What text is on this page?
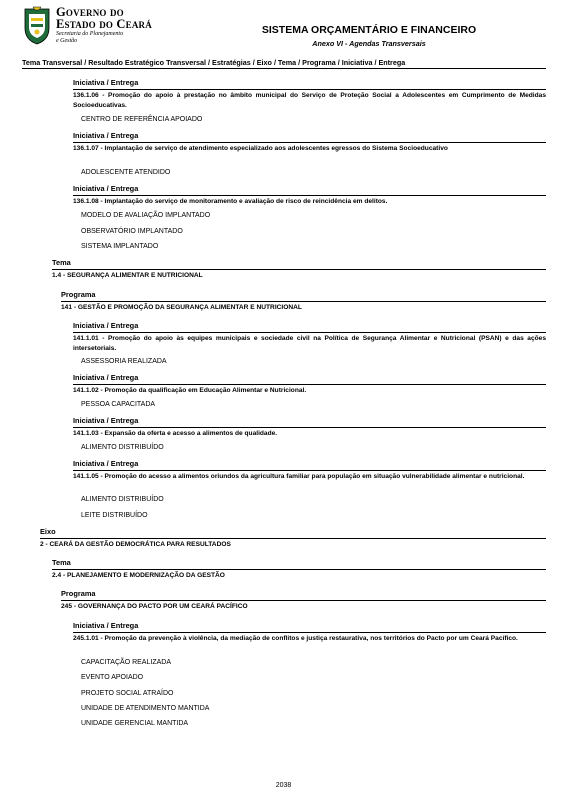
Governo do
Estado do Ceará
Secretaria do Planejamento
e Gestão
SISTEMA ORÇAMENTÁRIO E FINANCEIRO
Anexo VI - Agendas Transversais
Tema Transversal / Resultado Estratégico Transversal / Estratégias / Eixo / Tema / Programa / Iniciativa / Entrega
Iniciativa / Entrega
136.1.06 - Promoção do apoio à prestação no âmbito municipal do Serviço de Proteção Social a Adolescentes em Cumprimento de Medidas Socioeducativas.
CENTRO DE REFERÊNCIA APOIADO
Iniciativa / Entrega
136.1.07 - Implantação de serviço de atendimento especializado aos adolescentes egressos do Sistema Socioeducativo
ADOLESCENTE ATENDIDO
Iniciativa / Entrega
136.1.08 - Implantação do serviço de monitoramento e avaliação de risco de reincidência em delitos.
MODELO DE AVALIAÇÃO IMPLANTADO
OBSERVATÓRIO IMPLANTADO
SISTEMA IMPLANTADO
Tema
1.4 - SEGURANÇA ALIMENTAR E NUTRICIONAL
Programa
141 - GESTÃO E PROMOÇÃO DA SEGURANÇA ALIMENTAR E NUTRICIONAL
Iniciativa / Entrega
141.1.01 - Promoção do apoio às equipes municipais e sociedade civil na Política de Segurança Alimentar e Nutricional (PSAN) e das ações intersetoriais.
ASSESSORIA REALIZADA
Iniciativa / Entrega
141.1.02 - Promoção da qualificação em Educação Alimentar e Nutricional.
PESSOA CAPACITADA
Iniciativa / Entrega
141.1.03 - Expansão da oferta e acesso a alimentos de qualidade.
ALIMENTO DISTRIBUÍDO
Iniciativa / Entrega
141.1.05 - Promoção do acesso a alimentos oriundos da agricultura familiar para população em situação vulnerabilidade alimentar e nutricional.
ALIMENTO DISTRIBUÍDO
LEITE DISTRIBUÍDO
Eixo
2 - CEARÁ DA GESTÃO DEMOCRÁTICA PARA RESULTADOS
Tema
2.4 - PLANEJAMENTO E MODERNIZAÇÃO DA GESTÃO
Programa
245 - GOVERNANÇA DO PACTO POR UM CEARÁ PACÍFICO
Iniciativa / Entrega
245.1.01 - Promoção da prevenção à violência, da mediação de conflitos e justiça restaurativa, nos territórios do Pacto por um Ceará Pacífico.
CAPACITAÇÃO REALIZADA
EVENTO APOIADO
PROJETO SOCIAL ATRAÍDO
UNIDADE DE ATENDIMENTO MANTIDA
UNIDADE GERENCIAL MANTIDA
2038
